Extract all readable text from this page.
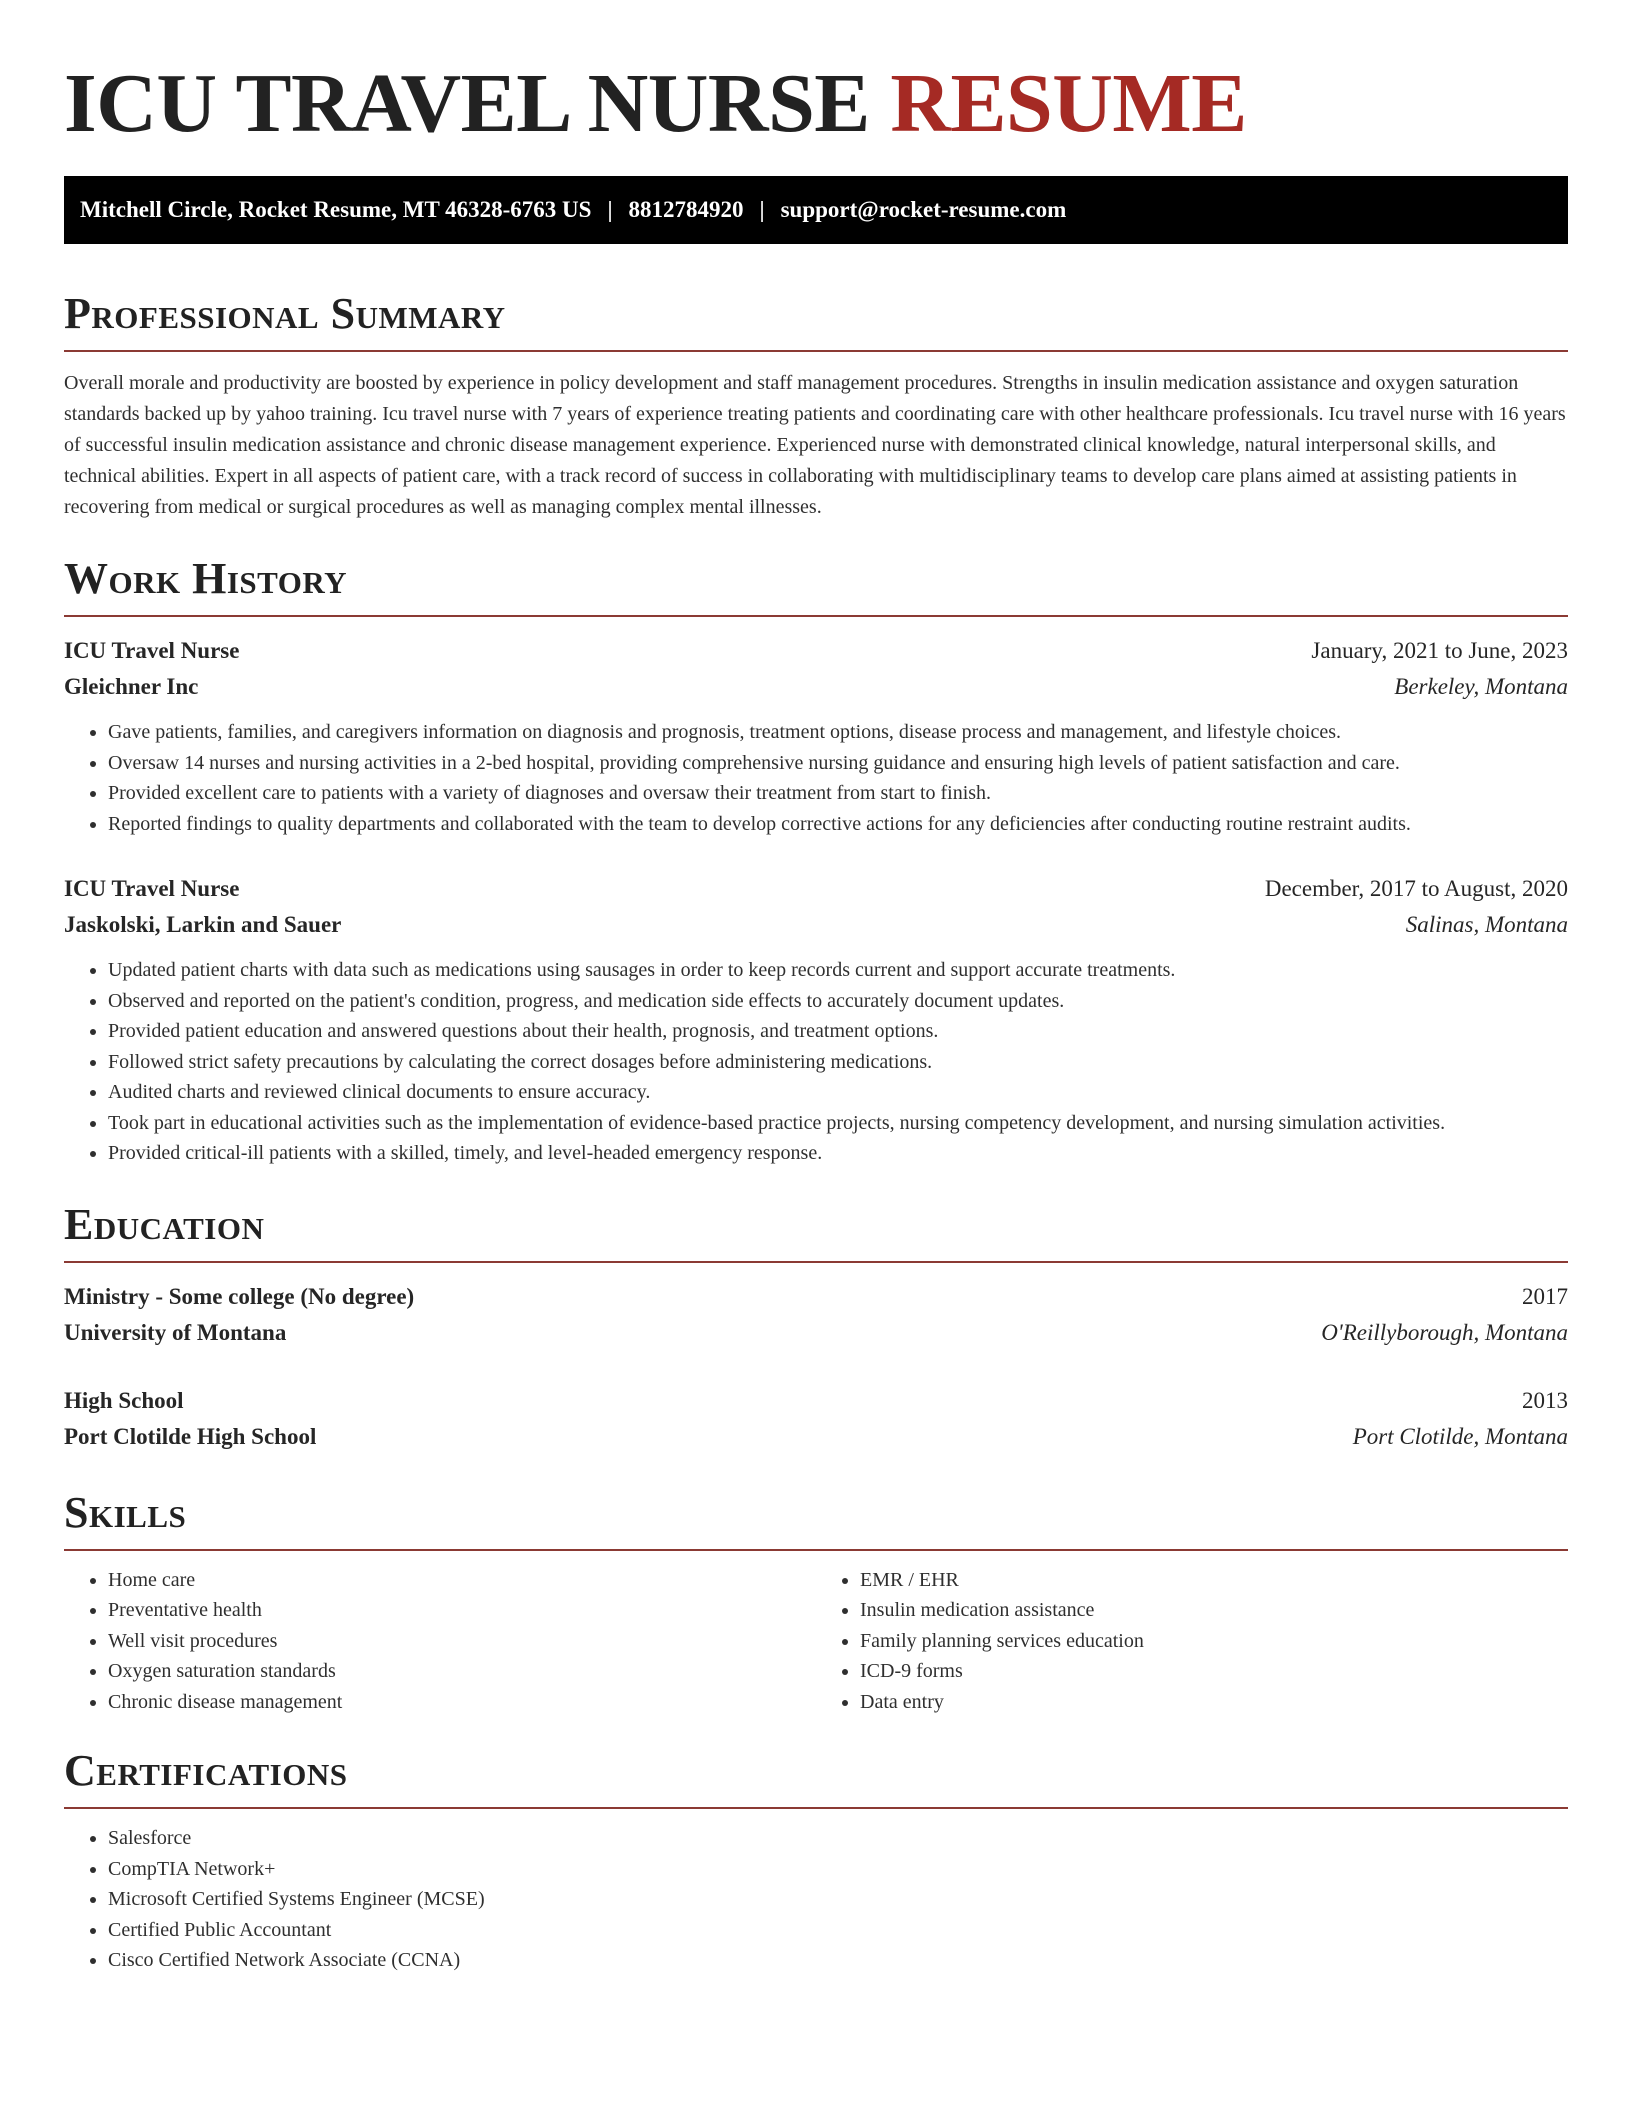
ICU TRAVEL NURSE RESUME
Mitchell Circle, Rocket Resume, MT 46328-6763 US | 8812784920 | support@rocket-resume.com
Professional Summary

Overall morale and productivity are boosted by experience in policy development and staff management procedures. Strengths in insulin medication assistance and oxygen saturation standards backed up by yahoo training. Icu travel nurse with 7 years of experience treating patients and coordinating care with other healthcare professionals. Icu travel nurse with 16 years of successful insulin medication assistance and chronic disease management experience. Experienced nurse with demonstrated clinical knowledge, natural interpersonal skills, and technical abilities. Expert in all aspects of patient care, with a track record of success in collaborating with multidisciplinary teams to develop care plans aimed at assisting patients in recovering from medical or surgical procedures as well as managing complex mental illnesses.

Work History
ICU Travel Nurse	January, 2021 to June, 2023
Gleichner Inc	Berkeley, Montana
• Gave patients, families, and caregivers information on diagnosis and prognosis, treatment options, disease process and management, and lifestyle choices.
• Oversaw 14 nurses and nursing activities in a 2-bed hospital, providing comprehensive nursing guidance and ensuring high levels of patient satisfaction and care.
• Provided excellent care to patients with a variety of diagnoses and oversaw their treatment from start to finish.
• Reported findings to quality departments and collaborated with the team to develop corrective actions for any deficiencies after conducting routine restraint audits.
ICU Travel Nurse	December, 2017 to August, 2020
Jaskolski, Larkin and Sauer	Salinas, Montana
• Updated patient charts with data such as medications using sausages in order to keep records current and support accurate treatments.
• Observed and reported on the patient's condition, progress, and medication side effects to accurately document updates.
• Provided patient education and answered questions about their health, prognosis, and treatment options.
• Followed strict safety precautions by calculating the correct dosages before administering medications.
• Audited charts and reviewed clinical documents to ensure accuracy.
• Took part in educational activities such as the implementation of evidence-based practice projects, nursing competency development, and nursing simulation activities.
• Provided critical-ill patients with a skilled, timely, and level-headed emergency response.
Education
Ministry - Some college (No degree)	2017
University of Montana	O'Reillyborough, Montana
High School	2013
Port Clotilde High School	Port Clotilde, Montana
Skills
• Home care
• Preventative health
• Well visit procedures
• Oxygen saturation standards
• Chronic disease management
• EMR / EHR
• Insulin medication assistance
• Family planning services education
• ICD-9 forms
• Data entry
Certifications
• Salesforce
• CompTIA Network+
• Microsoft Certified Systems Engineer (MCSE)
• Certified Public Accountant
• Cisco Certified Network Associate (CCNA)
